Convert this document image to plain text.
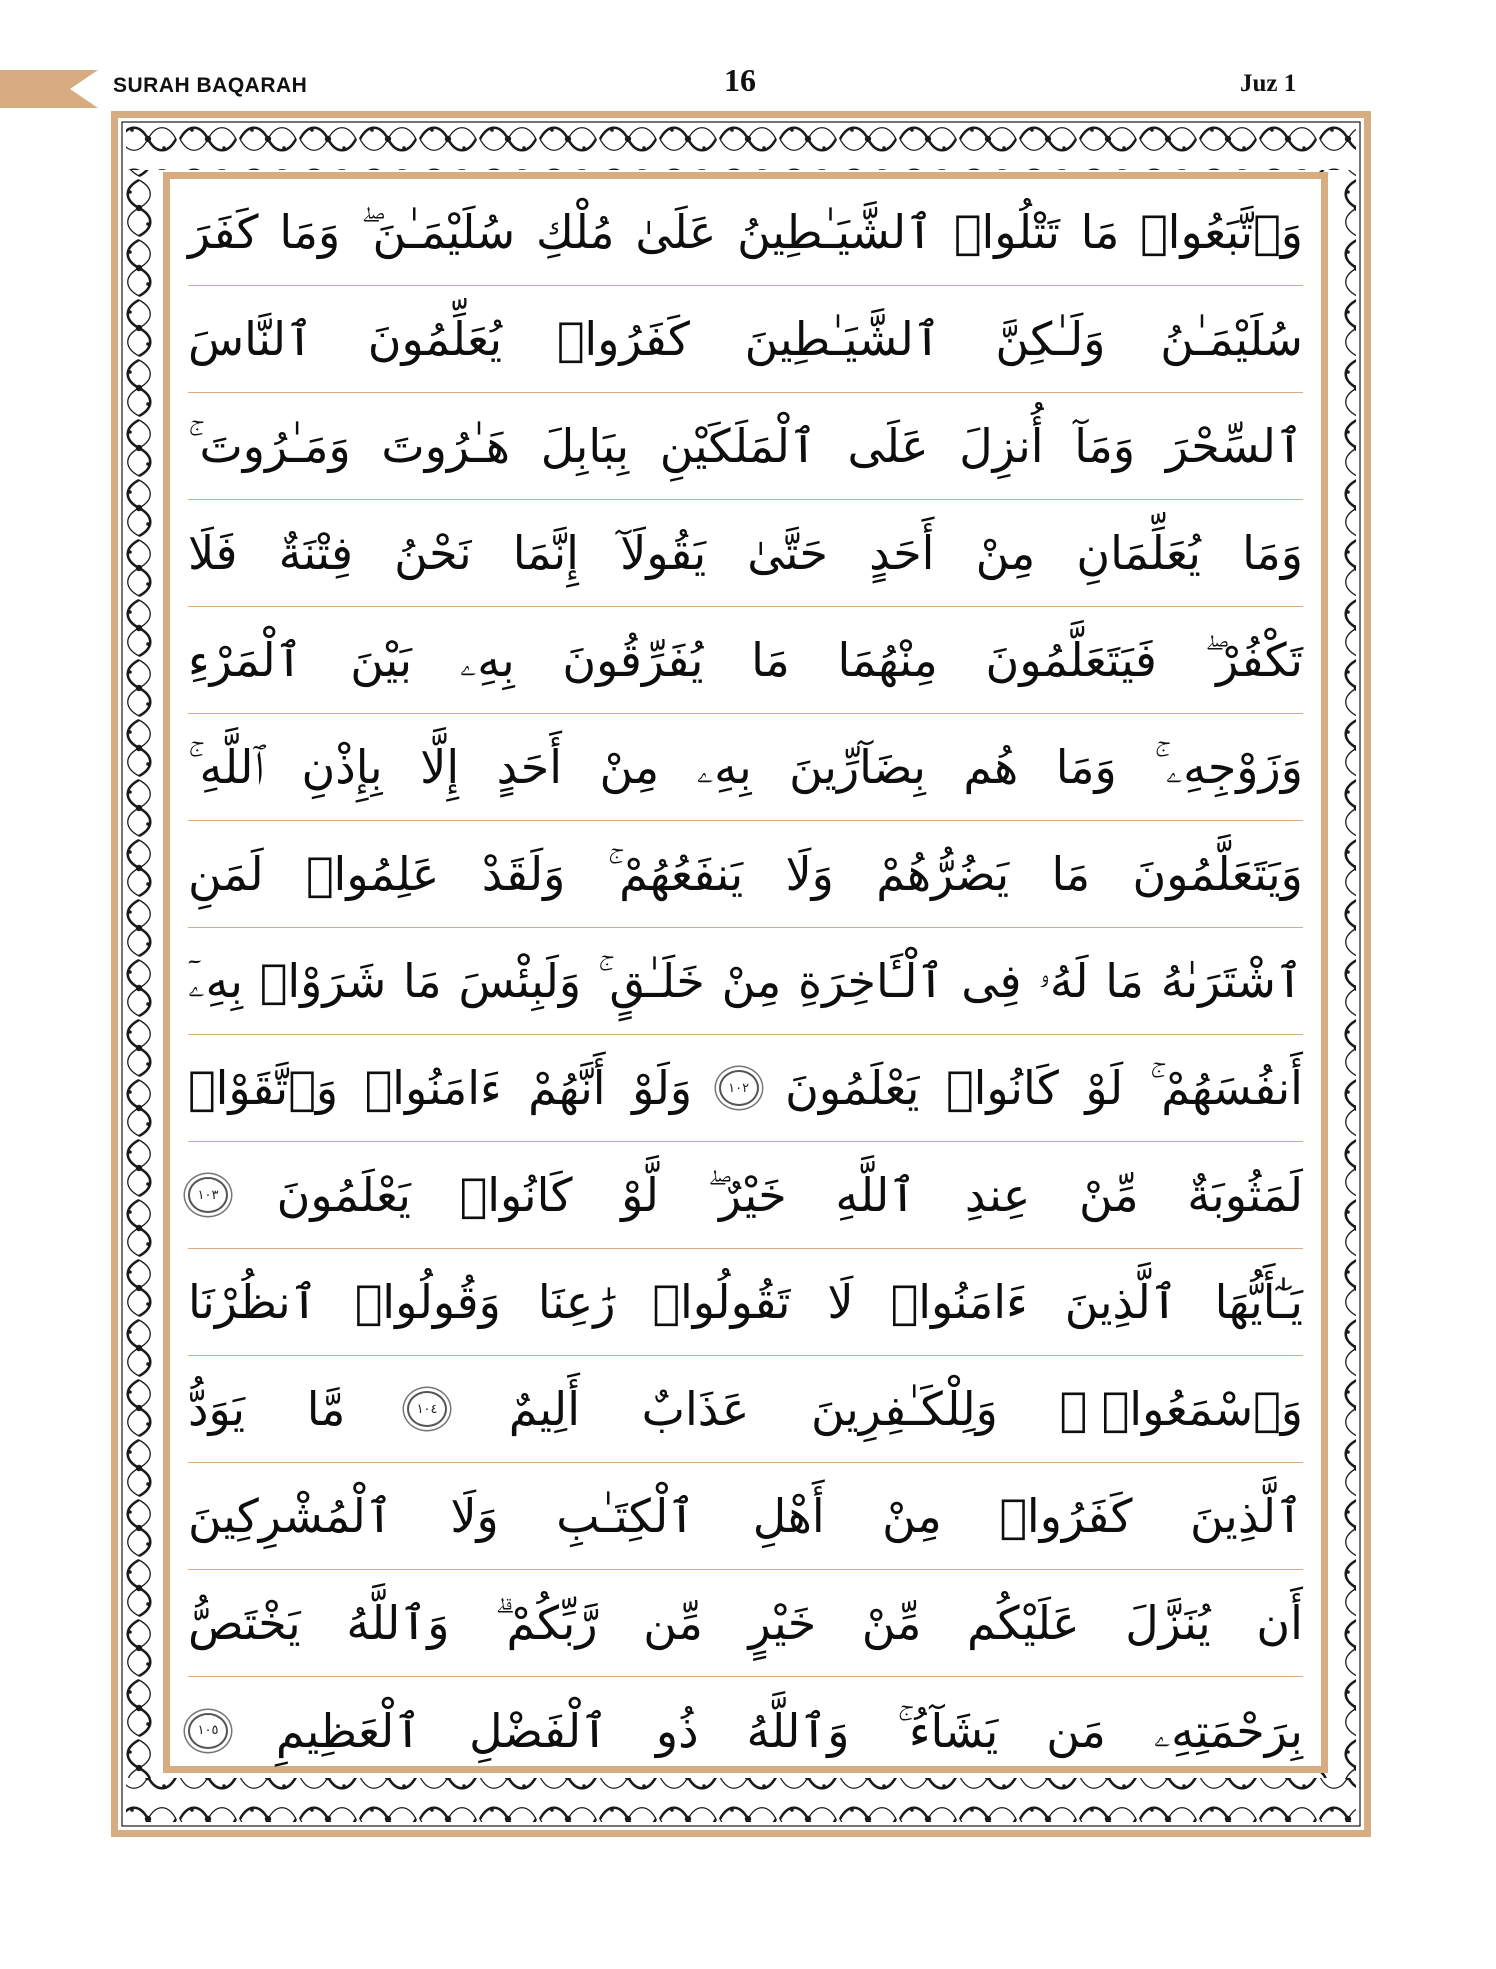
SURAH BAQARAH	16	Juz 1
وَٱتَّبَعُوا۟
مَا
تَتْلُوا۟
ٱلشَّيَـٰطِينُ
عَلَىٰ
مُلْكِ
سُلَيْمَـٰنَ ۖ
وَمَا
كَفَرَ
سُلَيْمَـٰنُ
وَلَـٰكِنَّ
ٱلشَّيَـٰطِينَ
كَفَرُوا۟
يُعَلِّمُونَ
ٱلنَّاسَ
ٱلسِّحْرَ
وَمَآ
أُنزِلَ
عَلَى
ٱلْمَلَكَيْنِ
بِبَابِلَ
هَـٰرُوتَ
وَمَـٰرُوتَ ۚ
وَمَا
يُعَلِّمَانِ
مِنْ
أَحَدٍ
حَتَّىٰ
يَقُولَآ
إِنَّمَا
نَحْنُ
فِتْنَةٌ
فَلَا
تَكْفُرْ ۖ
فَيَتَعَلَّمُونَ
مِنْهُمَا
مَا
يُفَرِّقُونَ
بِهِۦ
بَيْنَ
ٱلْمَرْءِ
وَزَوْجِهِۦ ۚ
وَمَا
هُم
بِضَآرِّينَ
بِهِۦ
مِنْ
أَحَدٍ
إِلَّا
بِإِذْنِ
ٱللَّهِ ۚ
وَيَتَعَلَّمُونَ
مَا
يَضُرُّهُمْ
وَلَا
يَنفَعُهُمْ ۚ
وَلَقَدْ
عَلِمُوا۟
لَمَنِ
ٱشْتَرَىٰهُ
مَا
لَهُۥ
فِى
ٱلْـَٔاخِرَةِ
مِنْ
خَلَـٰقٍ ۚ
وَلَبِئْسَ
مَا
شَرَوْا۟
بِهِۦٓ
أَنفُسَهُمْ ۚ
لَوْ
كَانُوا۟
يَعْلَمُونَ
١٠٢
وَلَوْ
أَنَّهُمْ
ءَامَنُوا۟
وَٱتَّقَوْا۟
لَمَثُوبَةٌ
مِّنْ
عِندِ
ٱللَّهِ
خَيْرٌ ۖ
لَّوْ
كَانُوا۟
يَعْلَمُونَ
١٠٣
يَـٰٓأَيُّهَا
ٱلَّذِينَ
ءَامَنُوا۟
لَا
تَقُولُوا۟
رَٰعِنَا
وَقُولُوا۟
ٱنظُرْنَا
وَٱسْمَعُوا۟ ۗ
وَلِلْكَـٰفِرِينَ
عَذَابٌ
أَلِيمٌ
١٠٤
مَّا
يَوَدُّ
ٱلَّذِينَ
كَفَرُوا۟
مِنْ
أَهْلِ
ٱلْكِتَـٰبِ
وَلَا
ٱلْمُشْرِكِينَ
أَن
يُنَزَّلَ
عَلَيْكُم
مِّنْ
خَيْرٍ
مِّن
رَّبِّكُمْ ۗ
وَٱللَّهُ
يَخْتَصُّ
بِرَحْمَتِهِۦ
مَن
يَشَآءُ ۚ
وَٱللَّهُ
ذُو
ٱلْفَضْلِ
ٱلْعَظِيمِ
١٠٥
